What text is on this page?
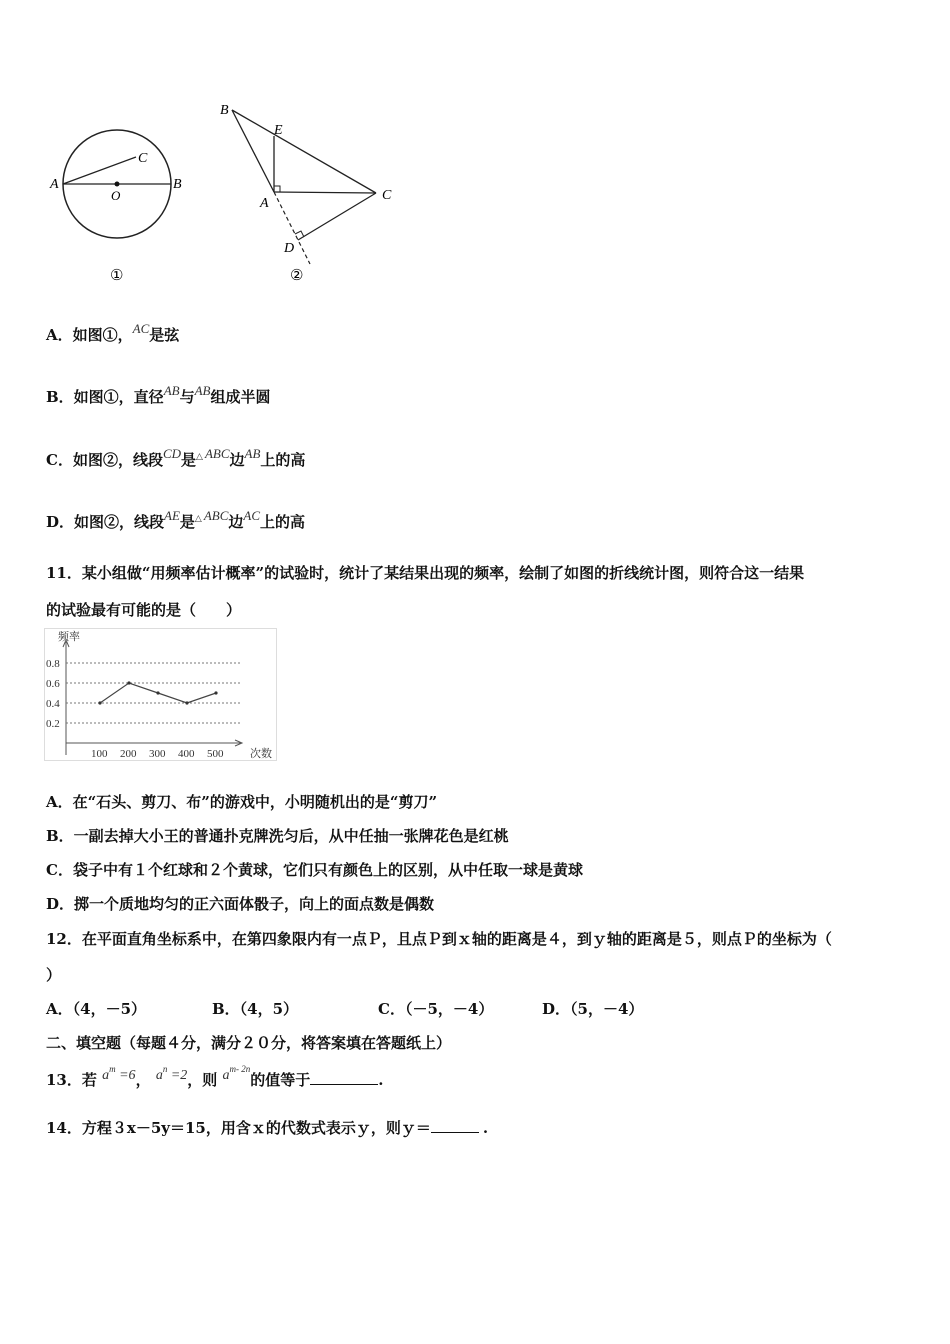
A	B
C
O
①
B
E
A
C
D
②
A．如图①，AC是弦
B．如图①，直径AB与AB组成半圆
C．如图②，线段CD是△ ABC边AB上的高
D．如图②，线段AE是△ ABC边AC上的高
11．某小组做“用频率估计概率”的试验时，统计了某结果出现的频率，绘制了如图的折线统计图，则符合这一结果
的试验最有可能的是（　　）
频率
次数
0.8
0.6
0.4
0.2
100 200 300 400 500
A．在“石头、剪刀、布”的游戏中，小明随机出的是“剪刀”
B．一副去掉大小王的普通扑克牌洗匀后，从中任抽一张牌花色是红桃
C．袋子中有１个红球和２个黄球，它们只有颜色上的区别，从中任取一球是黄球
D．掷一个质地均匀的正六面体骰子，向上的面点数是偶数
12．在平面直角坐标系中，在第四象限内有一点Ｐ，且点Ｐ到ｘ轴的距离是４，到ｙ轴的距离是５，则点Ｐ的坐标为（
）
A．（4，－5）	B．（4，5）	C．（－5，－4）	D．（5，－4）
二、填空题（每题４分，满分２０分，将答案填在答题纸上）
13．若 $a^m =6$， $a^n =2$，则 $a^{m- 2n}$的值等于	.
14．方程３x－5y＝15，用含ｘ的代数式表示ｙ，则ｙ＝	.
